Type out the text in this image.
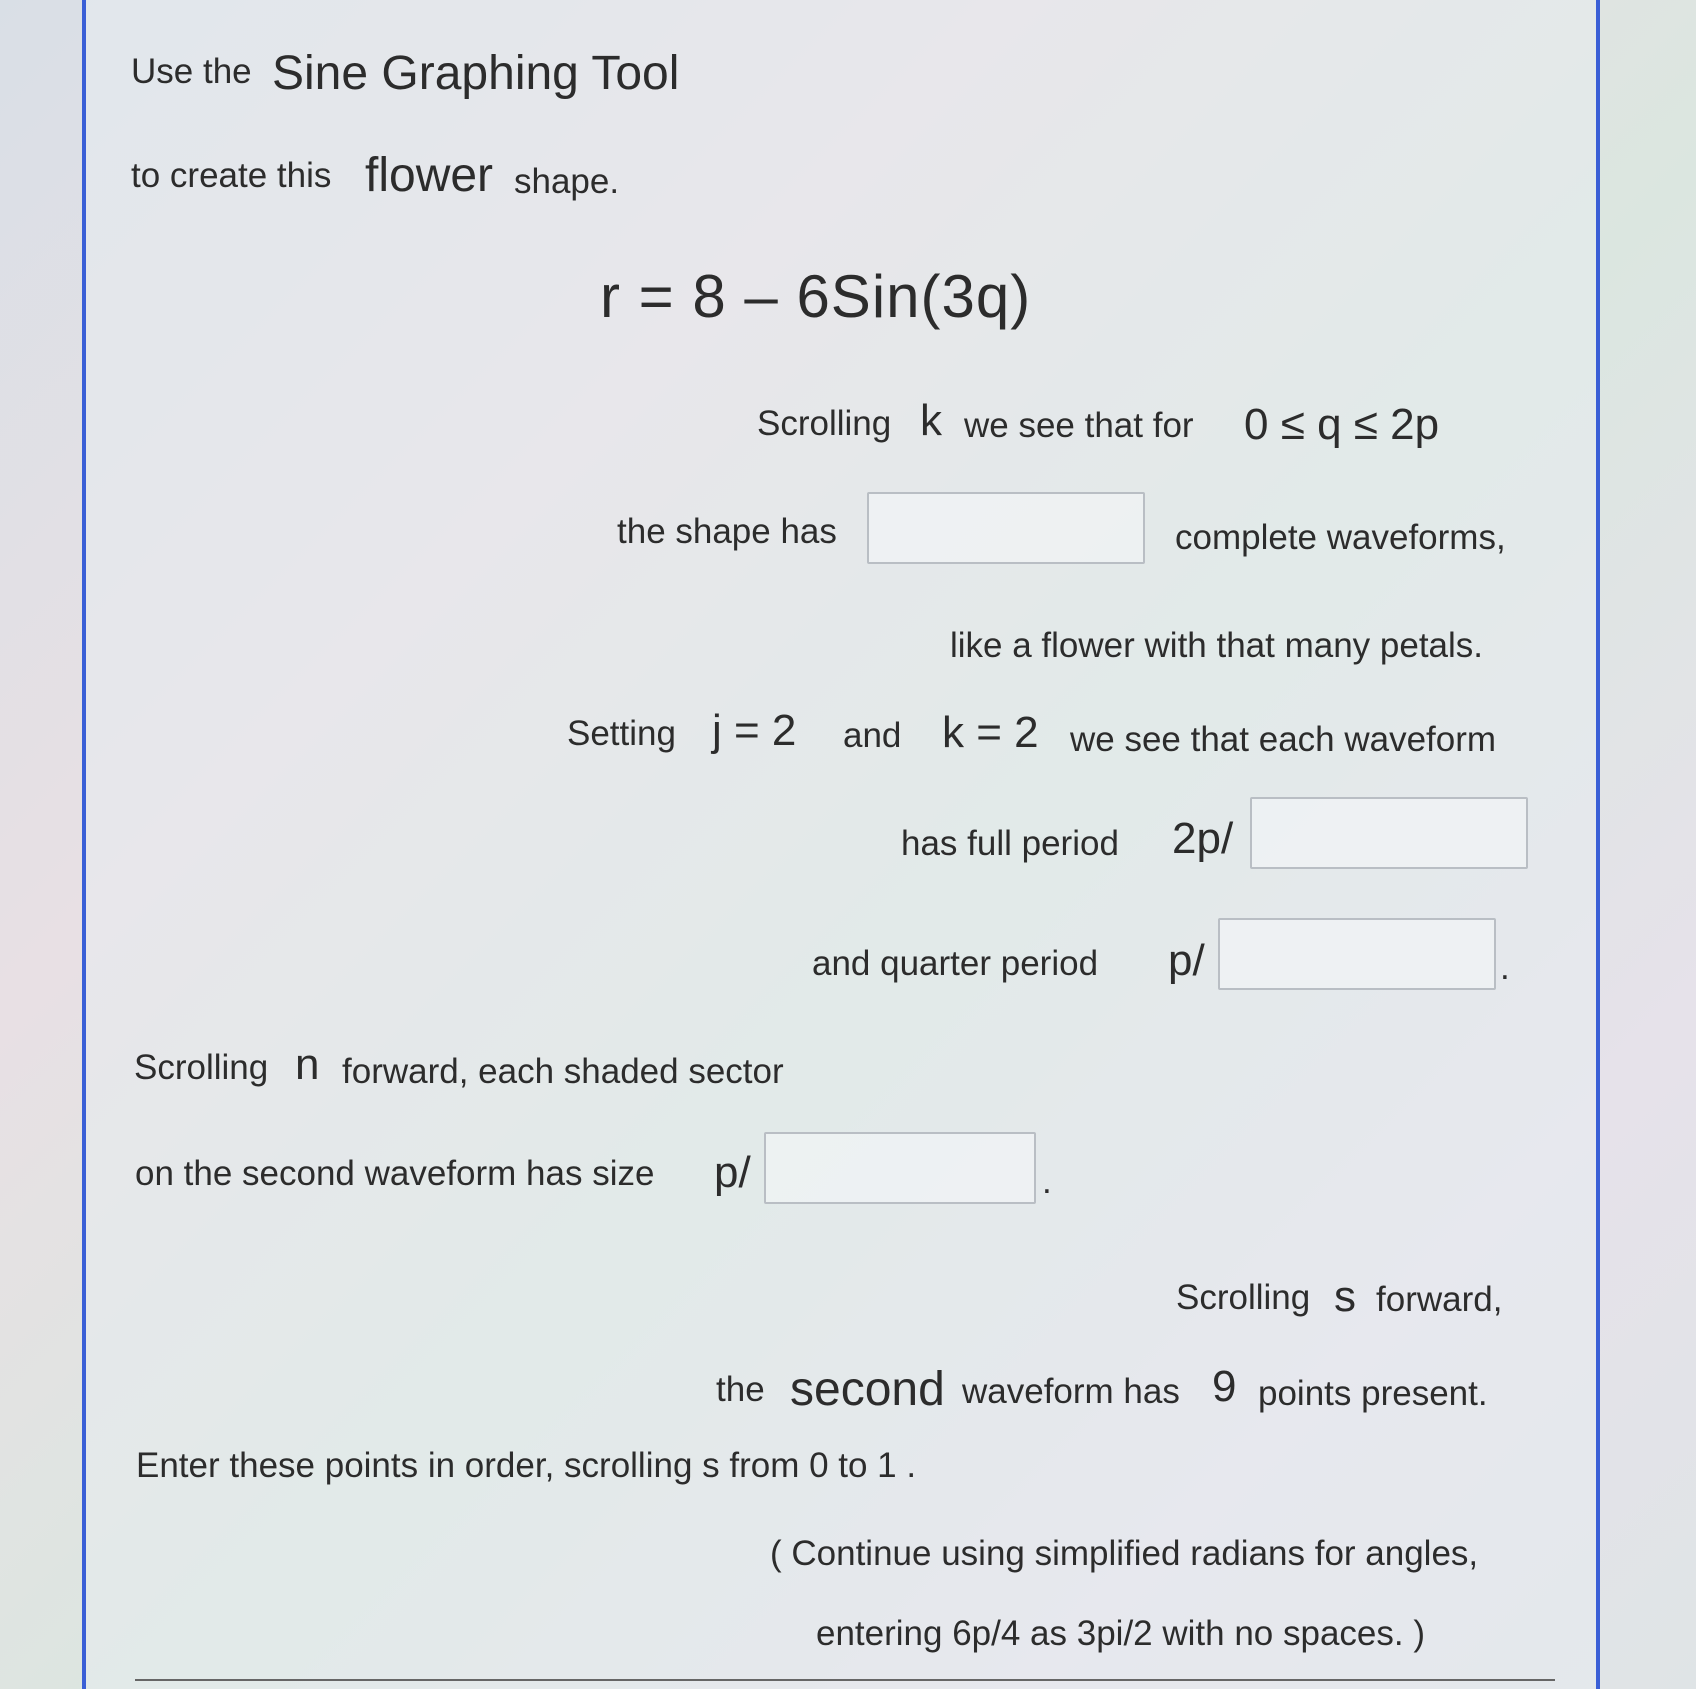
Use the Sine Graphing Tool
to create this flower shape.
r = 8 – 6Sin(3q)
Scrolling k we see that for 0 ≤ q ≤ 2p
the shape has	complete waveforms,
like a flower with that many petals.
Setting j = 2 and k = 2 we see that each waveform
has full period 2p/
and quarter period p/	.
Scrolling n forward, each shaded sector
on the second waveform has size p/	.
Scrolling s forward,
the second waveform has 9 points present.
Enter these points in order, scrolling s from 0 to 1 .
( Continue using simplified radians for angles,
entering 6p/4 as 3pi/2 with no spaces. )
